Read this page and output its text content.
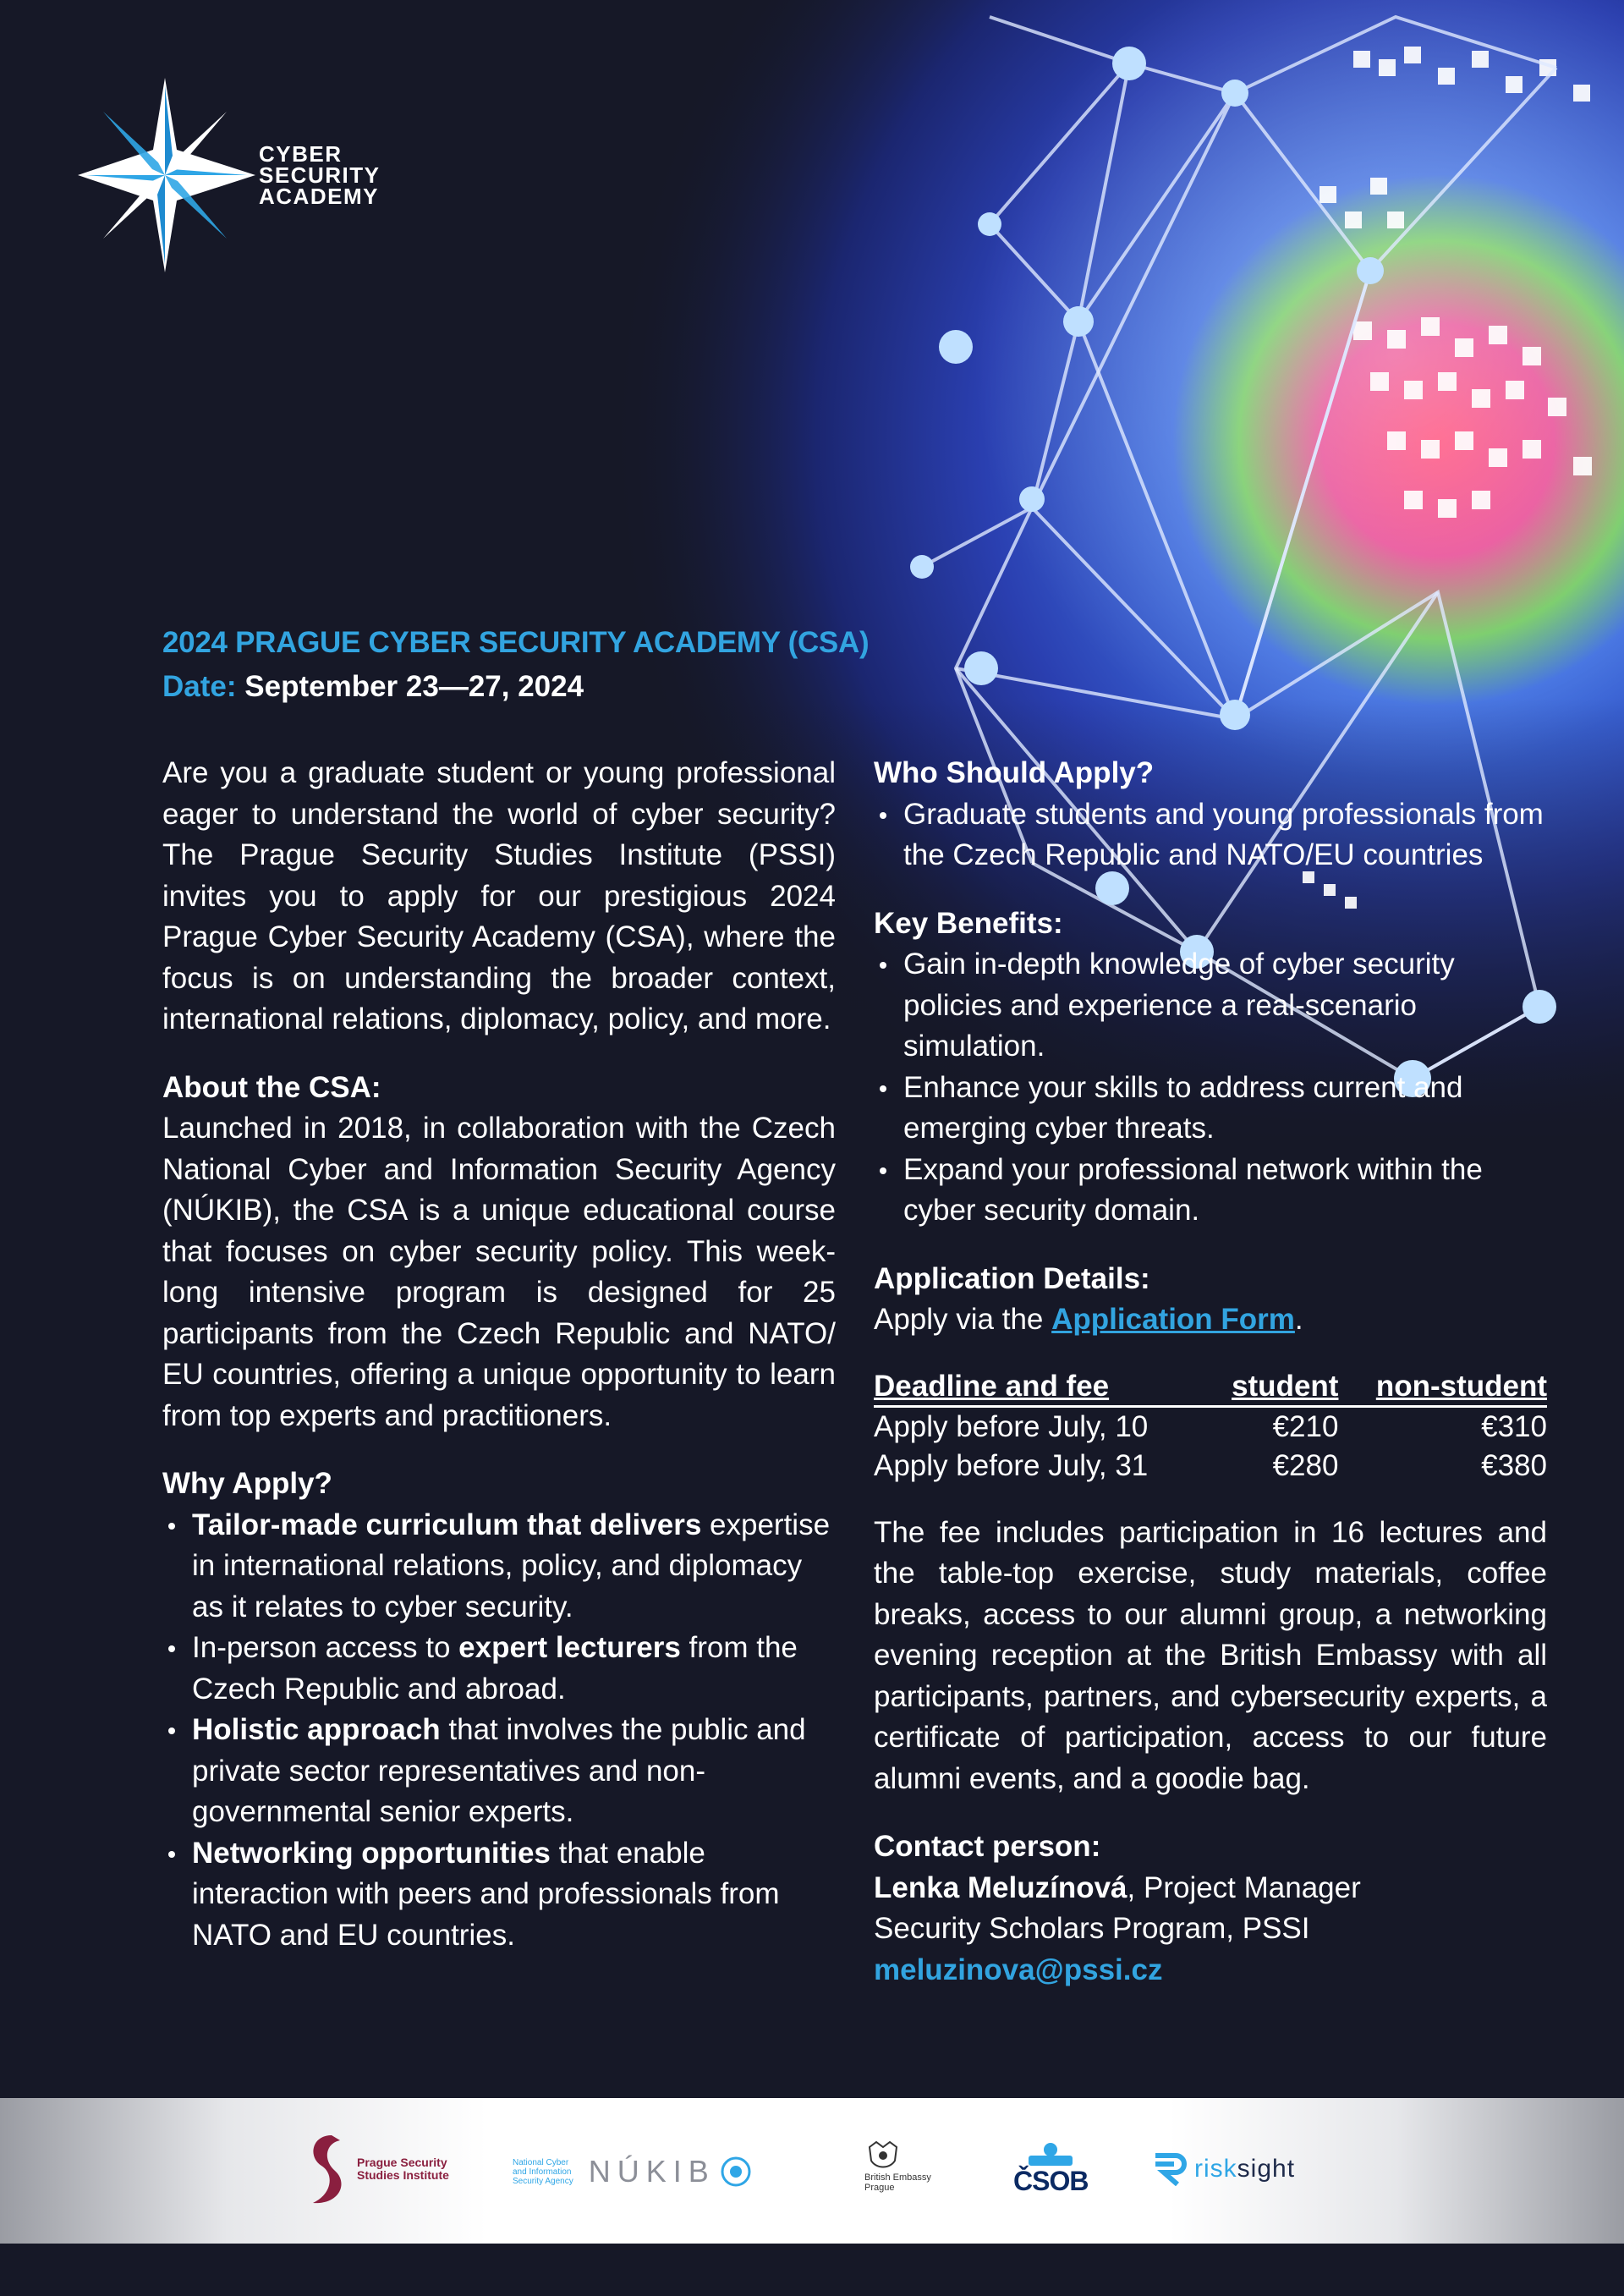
CYBER
SECURITY
ACADEMY
2024 PRAGUE CYBER SECURITY ACADEMY (CSA)
Date: September 23—27, 2024

Are you a graduate student or young professional eager to understand the world of cyber security? The Prague Security Studies Institute (PSSI) invites you to apply for our prestigious 2024 Prague Cyber Security Academy (CSA), where the focus is on understanding the broader context, international relations, diplomacy, policy, and more.

About the CSA:

Launched in 2018, in collaboration with the Czech National Cyber and Information Security Agency (NÚKIB), the CSA is a unique educational course that focuses on cyber security policy. This week-long intensive program is designed for 25 participants from the Czech Republic and NATO/ EU countries, offering a unique opportunity to learn from top experts and practitioners.

Why Apply?
Tailor-made curriculum that delivers expertise in international relations, policy, and diplomacy as it relates to cyber security.
In-person access to expert lecturers from the Czech Republic and abroad.
Holistic approach that involves the public and private sector representatives and non-governmental senior experts.
Networking opportunities that enable interaction with peers and professionals from NATO and EU countries.
Who Should Apply?
Graduate students and young professionals from the Czech Republic and NATO/EU countries
Key Benefits:
Gain in-depth knowledge of cyber security policies and experience a real-scenario simulation.
Enhance your skills to address current and emerging cyber threats.
Expand your professional network within the cyber security domain.
Application Details:
Apply via the Application Form.
Deadline and fee	student	non-student
Apply before July, 10	€210	€310
Apply before July, 31	€280	€380

The fee includes participation in 16 lectures and the table-top exercise, study materials, coffee breaks, access to our alumni group, a networking evening reception at the British Embassy with all participants, partners, and cybersecurity experts, a certificate of participation, access to our future alumni events, and a goodie bag.

Contact person:
Lenka Meluzínová, Project Manager
Security Scholars Program, PSSI
meluzinova@pssi.cz
Prague Security
Studies Institute
National Cyber
and Information
Security Agency NÚKIB	British Embassy
Prague	ČSOB	risksight
